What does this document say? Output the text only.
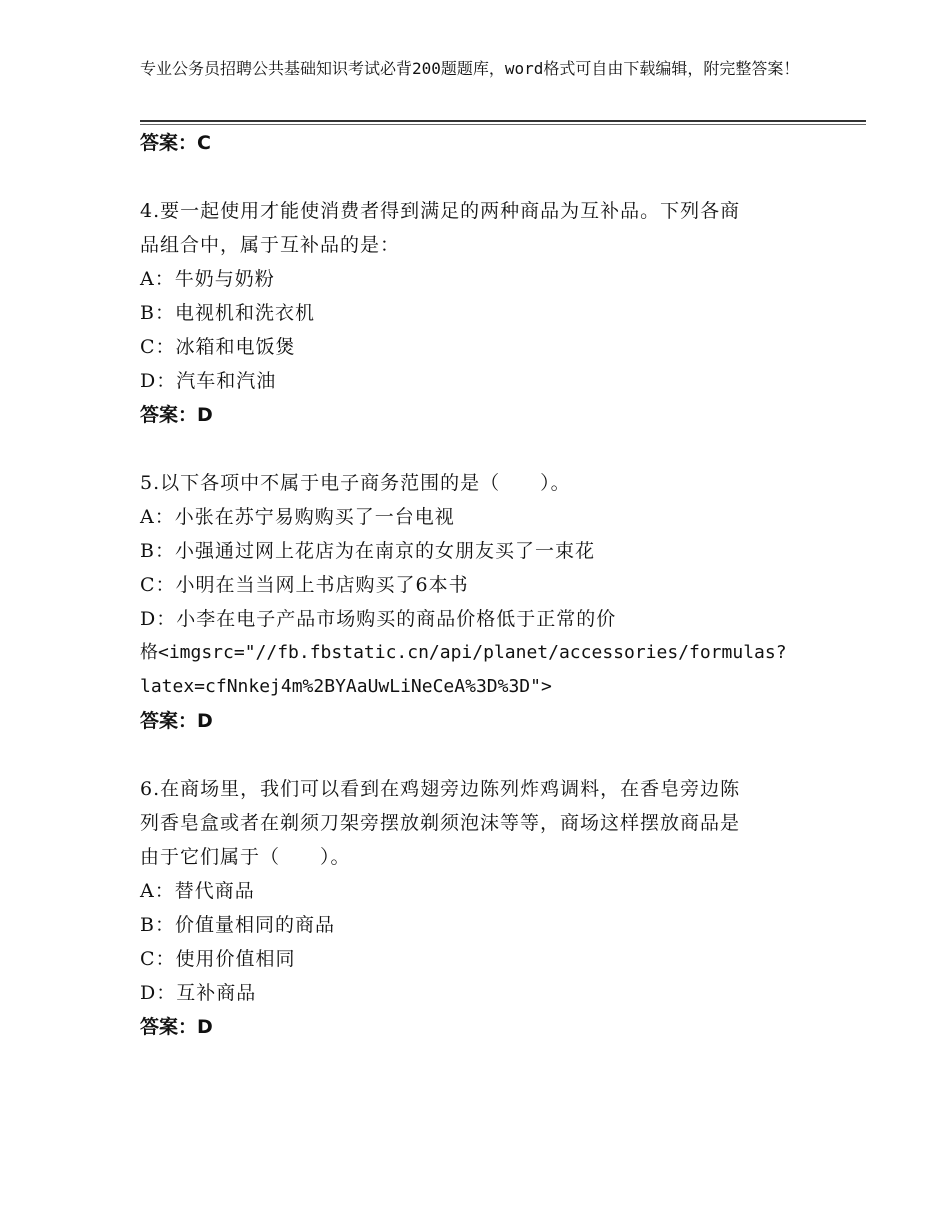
专业公务员招聘公共基础知识考试必背200题题库，word格式可自由下载编辑，附完整答案！
答案：C
4.要一起使用才能使消费者得到满足的两种商品为互补品。下列各商
品组合中，属于互补品的是：
A：牛奶与奶粉
B：电视机和洗衣机
C：冰箱和电饭煲
D：汽车和汽油
答案：D
5.以下各项中不属于电子商务范围的是（　　）。
A：小张在苏宁易购购买了一台电视
B：小强通过网上花店为在南京的女朋友买了一束花
C：小明在当当网上书店购买了6本书
D：小李在电子产品市场购买的商品价格低于正常的价
格<imgsrc="//fb.fbstatic.cn/api/planet/accessories/formulas?
latex=cfNnkej4m%2BYAaUwLiNeCeA%3D%3D">
答案：D
6.在商场里，我们可以看到在鸡翅旁边陈列炸鸡调料，在香皂旁边陈
列香皂盒或者在剃须刀架旁摆放剃须泡沫等等，商场这样摆放商品是
由于它们属于（　　）。
A：替代商品
B：价值量相同的商品
C：使用价值相同
D：互补商品
答案：D
